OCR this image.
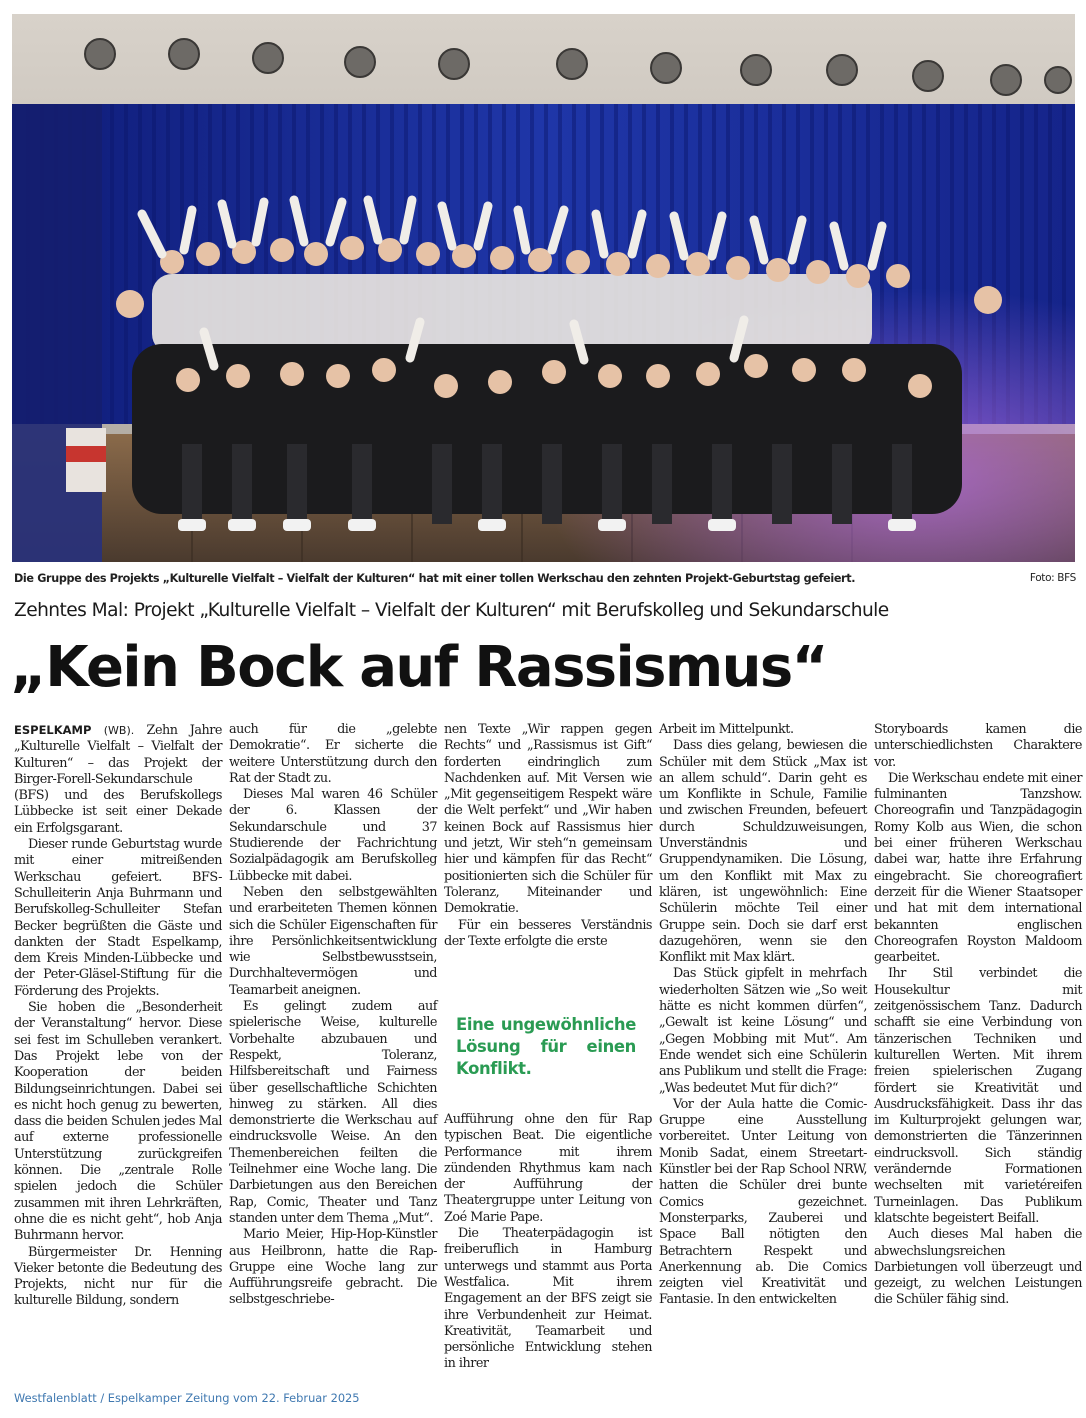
Die Gruppe des Projekts „Kulturelle Vielfalt – Vielfalt der Kulturen“ hat mit einer tollen Werkschau den zehnten Projekt-Geburtstag gefeiert.	Foto: BFS
Zehntes Mal: Projekt „Kulturelle Vielfalt – Vielfalt der Kulturen“ mit Berufskolleg und Sekundarschule
„Kein Bock auf Rassismus“

ESPELKAMP (WB). Zehn Jahre „Kulturelle Vielfalt – Vielfalt der Kulturen“ – das Projekt der Birger-Forell-Sekundarschule (BFS) und des Berufskollegs Lübbecke ist seit einer Dekade ein Erfolgsgarant.

Dieser runde Geburtstag wurde mit einer mitreißenden Werkschau gefeiert. BFS-Schulleiterin Anja Buhrmann und Berufskolleg-Schulleiter Stefan Becker begrüßten die Gäste und dankten der Stadt Espelkamp, dem Kreis Minden-Lübbecke und der Peter-Gläsel-Stiftung für die Förderung des Projekts.

Sie hoben die „Besonderheit der Veranstaltung“ hervor. Diese sei fest im Schulleben verankert. Das Projekt lebe von der Kooperation der beiden Bildungseinrichtungen. Dabei sei es nicht hoch genug zu bewerten, dass die beiden Schulen jedes Mal auf externe professionelle Unterstützung zurückgreifen können. Die „zentrale Rolle spielen jedoch die Schüler zusammen mit ihren Lehrkräften, ohne die es nicht geht“, hob Anja Buhrmann hervor.

Bürgermeister Dr. Henning Vieker betonte die Bedeutung des Projekts, nicht nur für die kulturelle Bildung, sondern

auch für die „gelebte Demokratie“. Er sicherte die weitere Unterstützung durch den Rat der Stadt zu.

Dieses Mal waren 46 Schüler der 6. Klassen der Sekundarschule und 37 Studierende der Fachrichtung Sozialpädagogik am Berufskolleg Lübbecke mit dabei.

Neben den selbstgewählten und erarbeiteten Themen können sich die Schüler Eigenschaften für ihre Persönlichkeitsentwicklung wie Selbstbewusstsein, Durchhaltevermögen und Teamarbeit aneignen.

Es gelingt zudem auf spielerische Weise, kulturelle Vorbehalte abzubauen und Respekt, Toleranz, Hilfsbereitschaft und Fairness über gesellschaftliche Schichten hinweg zu stärken. All dies demonstrierte die Werkschau auf eindrucksvolle Weise. An den Themenbereichen feilten die Teilnehmer eine Woche lang. Die Darbietungen aus den Bereichen Rap, Comic, Theater und Tanz standen unter dem Thema „Mut“.

Mario Meier, Hip-Hop-Künstler aus Heilbronn, hatte die Rap-Gruppe eine Woche lang zur Aufführungsreife gebracht. Die selbstgeschriebe-

nen Texte „Wir rappen gegen Rechts“ und „Rassismus ist Gift“ forderten eindringlich zum Nachdenken auf. Mit Versen wie „Mit gegenseitigem Respekt wäre die Welt perfekt“ und „Wir haben keinen Bock auf Rassismus hier und jetzt, Wir steh“n gemeinsam hier und kämpfen für das Recht“ positionierten sich die Schüler für Toleranz, Miteinander und Demokratie.

Für ein besseres Verständnis der Texte erfolgte die erste

Eine ungewöhnliche Lösung für einen Konflikt.

Aufführung ohne den für Rap typischen Beat. Die eigentliche Performance mit ihrem zündenden Rhythmus kam nach der Aufführung der Theatergruppe unter Leitung von Zoé Marie Pape.

Die Theaterpädagogin ist freiberuflich in Hamburg unterwegs und stammt aus Porta Westfalica. Mit ihrem Engagement an der BFS zeigt sie ihre Verbundenheit zur Heimat. Kreativität, Teamarbeit und persönliche Entwicklung stehen in ihrer

Arbeit im Mittelpunkt.

Dass dies gelang, bewiesen die Schüler mit dem Stück „Max ist an allem schuld“. Darin geht es um Konflikte in Schule, Familie und zwischen Freunden, befeuert durch Schuldzuweisungen, Unverständnis und Gruppendynamiken. Die Lösung, um den Konflikt mit Max zu klären, ist ungewöhnlich: Eine Schülerin möchte Teil einer Gruppe sein. Doch sie darf erst dazugehören, wenn sie den Konflikt mit Max klärt.

Das Stück gipfelt in mehrfach wiederholten Sätzen wie „So weit hätte es nicht kommen dürfen“, „Gewalt ist keine Lösung“ und „Gegen Mobbing mit Mut“. Am Ende wendet sich eine Schülerin ans Publikum und stellt die Frage: „Was bedeutet Mut für dich?“

Vor der Aula hatte die Comic-Gruppe eine Ausstellung vorbereitet. Unter Leitung von Monib Sadat, einem Streetart-Künstler bei der Rap School NRW, hatten die Schüler drei bunte Comics gezeichnet. Monsterparks, Zauberei und Space Ball nötigten den Betrachtern Respekt und Anerkennung ab. Die Comics zeigten viel Kreativität und Fantasie. In den entwickelten

Storyboards kamen die unterschiedlichsten Charaktere vor.

Die Werkschau endete mit einer fulminanten Tanzshow. Choreografin und Tanzpädagogin Romy Kolb aus Wien, die schon bei einer früheren Werkschau dabei war, hatte ihre Erfahrung eingebracht. Sie choreografiert derzeit für die Wiener Staatsoper und hat mit dem international bekannten englischen Choreografen Royston Maldoom gearbeitet.

Ihr Stil verbindet die Housekultur mit zeitgenössischem Tanz. Dadurch schafft sie eine Verbindung von tänzerischen Techniken und kulturellen Werten. Mit ihrem freien spielerischen Zugang fördert sie Kreativität und Ausdrucksfähigkeit. Dass ihr das im Kulturprojekt gelungen war, demonstrierten die Tänzerinnen eindrucksvoll. Sich ständig verändernde Formationen wechselten mit varietéreifen Turneinlagen. Das Publikum klatschte begeistert Beifall.

Auch dieses Mal haben die abwechslungsreichen Darbietungen voll überzeugt und gezeigt, zu welchen Leistungen die Schüler fähig sind.

Westfalenblatt / Espelkamper Zeitung vom 22. Februar 2025
